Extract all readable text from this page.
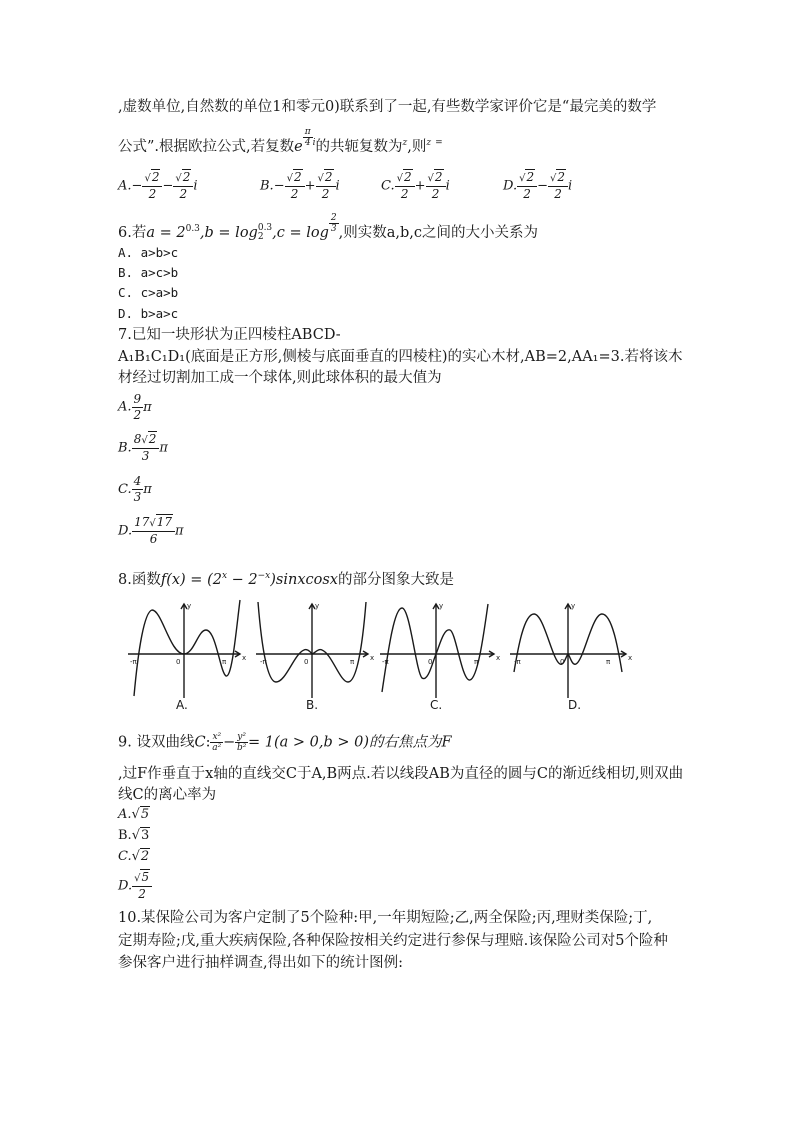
,虚数单位,自然数的单位1和零元0)联系到了一起,有些数学家评价它是“最完美的数学
公式”.根据欧拉公式,若复数e $\frac{\pi}{4} ^i$的共轭复数为$^z$,则$^z$ =
$A.- \frac{√2}{2} - \frac{√2}{2}$ i	$B.- \frac{√2}{2} + \frac{√2}{2}$ i	C. $\frac{√2}{2} + \frac{√2}{2}$ i	D. $\frac{√2}{2} - \frac{√2}{2}$ i
6.若$a = 2^{0.3},b = \log 0.3$
2 $,c = \log \frac{2}{3}$ ,则实数a,b,c之间的大小关系为
A. a>b>c
B. a>c>b
C. c>a>b
D. b>a>c
7.已知一块形状为正四棱柱ABCD-
A₁B₁C₁D₁(底面是正方形,侧棱与底面垂直的四棱柱)的实心木材,AB=2,AA₁=3.若将该木
材经过切割加工成一个球体,则此球体积的最大值为
A. $\frac{9}{2}$ π
B. $\frac{8√2}{3}$ π
C. $\frac{4}{3}$ π
D. $\frac{17√17}{6}$ π
8.函数$f(x) = (2^x$ − $2^{-x})sinxcosx$的部分图象大致是
x
y
0
-π	π	x
y
0
-π	π	x
y
0
-π	π	x
y
0
-π	π
A.	B.	C.	D.
9. 设双曲线C: $\frac{\text{x²}}{\text{a²}} - \frac{\text{y²}}{\text{b²}} = 1(a > 0,b > 0)$的右焦点为F
,过F作垂直于x轴的直线交C于A,B两点.若以线段AB为直径的圆与C的渐近线相切,则双曲
线C的离心率为
A.√5
B.√3
C.√2
D. $\frac{√5}{2}$
10.某保险公司为客户定制了5个险种:甲,一年期短险;乙,两全保险;丙,理财类保险;丁,
定期寿险;戊,重大疾病保险,各种保险按相关约定进行参保与理赔.该保险公司对5个险种
参保客户进行抽样调查,得出如下的统计图例:
